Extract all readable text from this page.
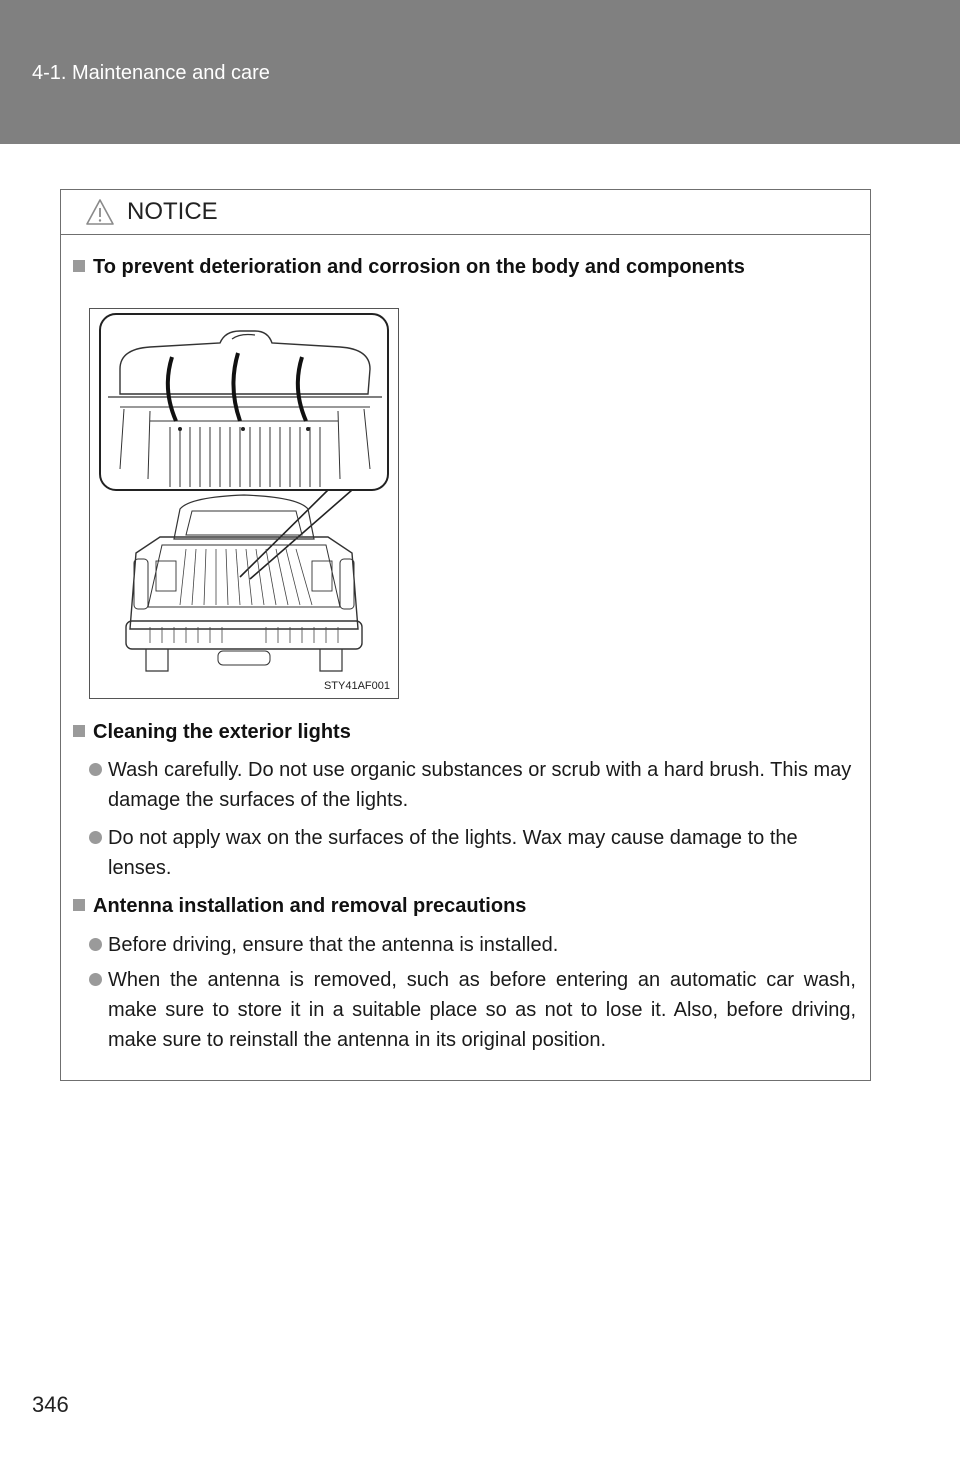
4-1. Maintenance and care
NOTICE
To prevent deterioration and corrosion on the body and components
STY41AF001
Cleaning the exterior lights
Wash carefully. Do not use organic substances or scrub with a hard brush. This may damage the surfaces of the lights.
Do not apply wax on the surfaces of the lights. Wax may cause damage to the lenses.
Antenna installation and removal precautions
Before driving, ensure that the antenna is installed.
When the antenna is removed, such as before entering an automatic car wash, make sure to store it in a suitable place so as not to lose it. Also, before driving, make sure to reinstall the antenna in its original position.
346
